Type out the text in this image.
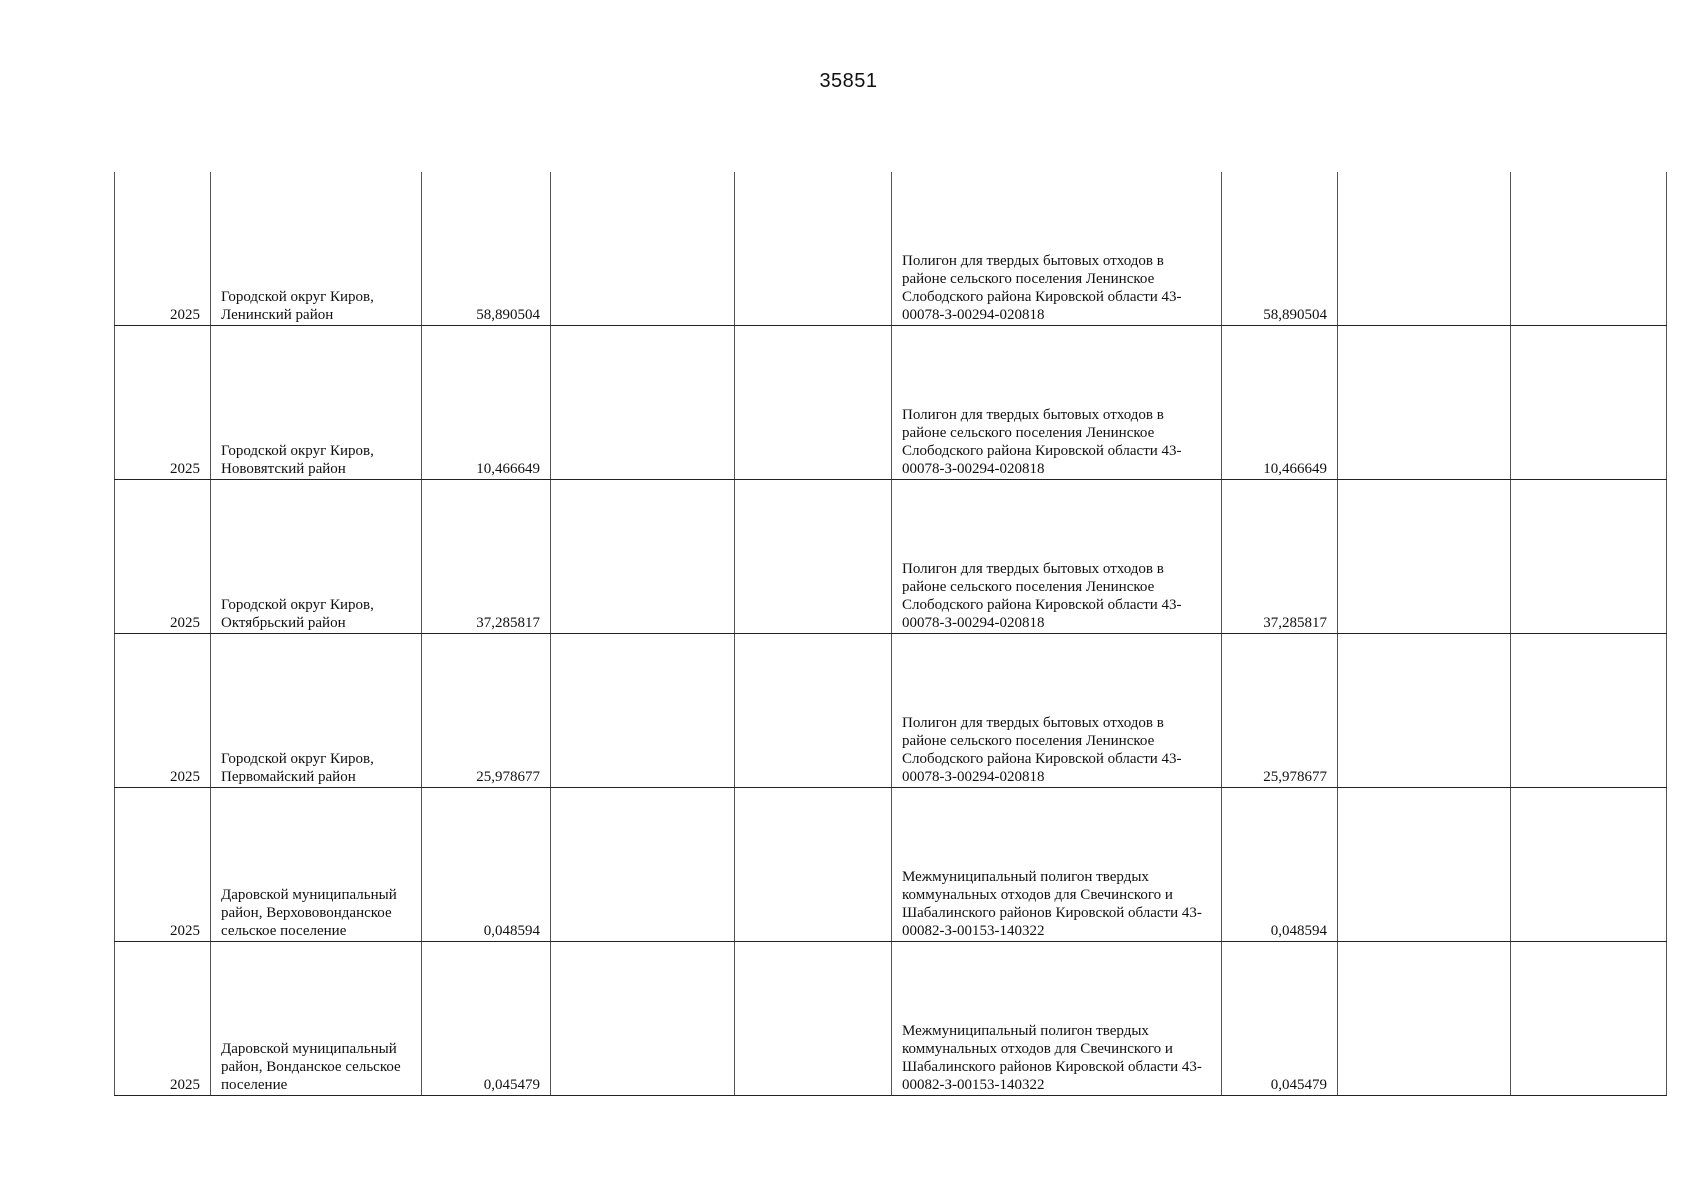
35851
2025	Городской округ Киров, Ленинский район	58,890504			Полигон для твердых бытовых отходов в районе сельского поселения Ленинское Слободского района Кировской области 43-00078-З-00294-020818	58,890504		
2025	Городской округ Киров, Нововятский район	10,466649			Полигон для твердых бытовых отходов в районе сельского поселения Ленинское Слободского района Кировской области 43-00078-З-00294-020818	10,466649		
2025	Городской округ Киров, Октябрьский район	37,285817			Полигон для твердых бытовых отходов в районе сельского поселения Ленинское Слободского района Кировской области 43-00078-З-00294-020818	37,285817		
2025	Городской округ Киров, Первомайский район	25,978677			Полигон для твердых бытовых отходов в районе сельского поселения Ленинское Слободского района Кировской области 43-00078-З-00294-020818	25,978677		
2025	Даровской муниципальный район, Верхововонданское сельское поселение	0,048594			Межмуниципальный полигон твердых коммунальных отходов для Свечинского и Шабалинского районов Кировской области 43-00082-З-00153-140322	0,048594		
2025	Даровской муниципальный район, Вонданское сельское поселение	0,045479			Межмуниципальный полигон твердых коммунальных отходов для Свечинского и Шабалинского районов Кировской области 43-00082-З-00153-140322	0,045479		
